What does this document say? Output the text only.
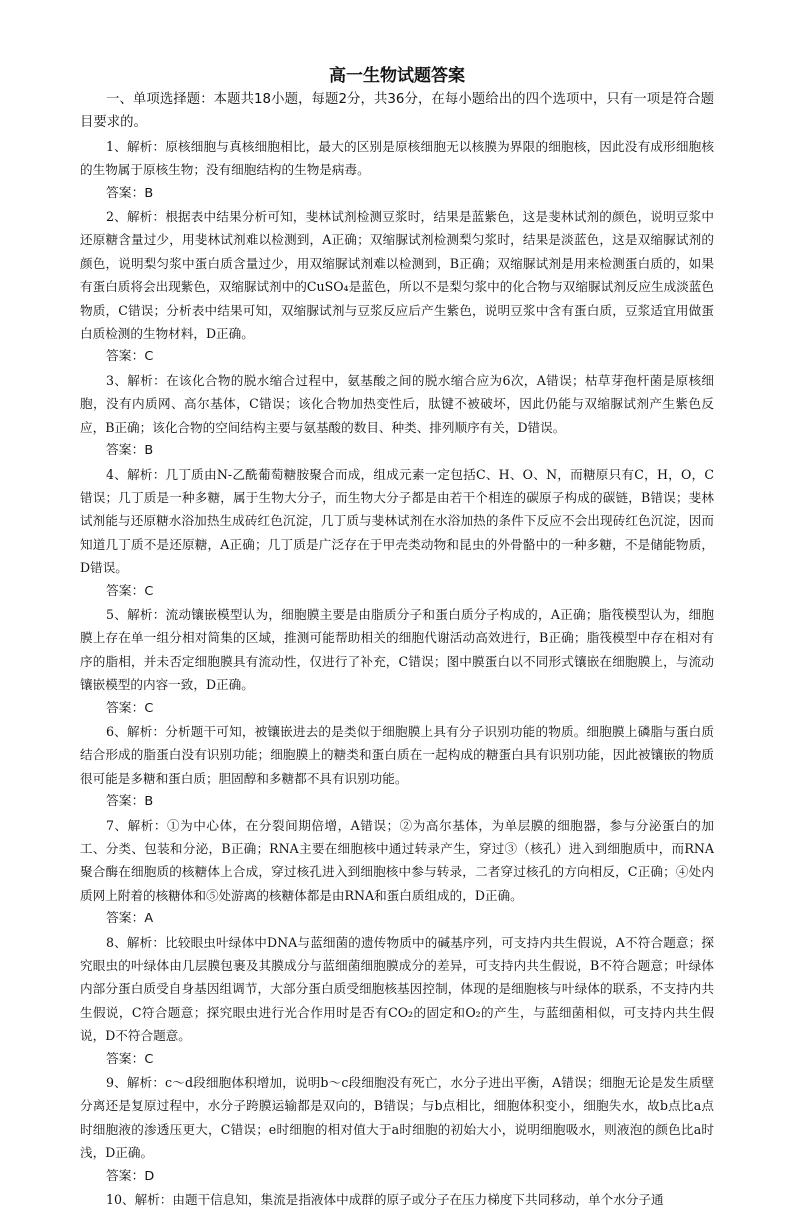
高一生物试题答案

一、单项选择题：本题共18小题，每题2分，共36分，在每小题给出的四个选项中，只有一项是符合题目要求的。

1、解析：原核细胞与真核细胞相比，最大的区别是原核细胞无以核膜为界限的细胞核，因此没有成形细胞核的生物属于原核生物；没有细胞结构的生物是病毒。

答案：B

2、解析：根据表中结果分析可知，斐林试剂检测豆浆时，结果是蓝紫色，这是斐林试剂的颜色，说明豆浆中还原糖含量过少，用斐林试剂难以检测到，A正确；双缩脲试剂检测梨匀浆时，结果是淡蓝色，这是双缩脲试剂的颜色，说明梨匀浆中蛋白质含量过少，用双缩脲试剂难以检测到，B正确；双缩脲试剂是用来检测蛋白质的，如果有蛋白质将会出现紫色，双缩脲试剂中的CuSO₄是蓝色，所以不是梨匀浆中的化合物与双缩脲试剂反应生成淡蓝色物质，C错误；分析表中结果可知，双缩脲试剂与豆浆反应后产生紫色，说明豆浆中含有蛋白质，豆浆适宜用做蛋白质检测的生物材料，D正确。

答案：C

3、解析：在该化合物的脱水缩合过程中，氨基酸之间的脱水缩合应为6次，A错误；枯草芽孢杆菌是原核细胞，没有内质网、高尔基体，C错误；该化合物加热变性后，肽键不被破坏，因此仍能与双缩脲试剂产生紫色反应，B正确；该化合物的空间结构主要与氨基酸的数目、种类、排列顺序有关，D错误。

答案：B

4、解析：几丁质由N-乙酰葡萄糖胺聚合而成，组成元素一定包括C、H、O、N，而糖原只有C，H，O，C错误；几丁质是一种多糖，属于生物大分子，而生物大分子都是由若干个相连的碳原子构成的碳链，B错误；斐林试剂能与还原糖水浴加热生成砖红色沉淀，几丁质与斐林试剂在水浴加热的条件下反应不会出现砖红色沉淀，因而知道几丁质不是还原糖，A正确；几丁质是广泛存在于甲壳类动物和昆虫的外骨骼中的一种多糖，不是储能物质，D错误。

答案：C

5、解析：流动镶嵌模型认为，细胞膜主要是由脂质分子和蛋白质分子构成的，A正确；脂筏模型认为，细胞膜上存在单一组分相对简集的区域，推测可能帮助相关的细胞代谢活动高效进行，B正确；脂筏模型中存在相对有序的脂相，并未否定细胞膜具有流动性，仅进行了补充，C错误；图中膜蛋白以不同形式镶嵌在细胞膜上，与流动镶嵌模型的内容一致，D正确。

答案：C

6、解析：分析题干可知，被镶嵌进去的是类似于细胞膜上具有分子识别功能的物质。细胞膜上磷脂与蛋白质结合形成的脂蛋白没有识别功能；细胞膜上的糖类和蛋白质在一起构成的糖蛋白具有识别功能，因此被镶嵌的物质很可能是多糖和蛋白质；胆固醇和多糖都不具有识别功能。

答案：B

7、解析：①为中心体，在分裂间期倍增，A错误；②为高尔基体，为单层膜的细胞器，参与分泌蛋白的加工、分类、包装和分泌，B正确；RNA主要在细胞核中通过转录产生，穿过③（核孔）进入到细胞质中，而RNA聚合酶在细胞质的核糖体上合成，穿过核孔进入到细胞核中参与转录，二者穿过核孔的方向相反，C正确；④处内质网上附着的核糖体和⑤处游离的核糖体都是由RNA和蛋白质组成的，D正确。

答案：A

8、解析：比较眼虫叶绿体中DNA与蓝细菌的遗传物质中的碱基序列，可支持内共生假说，A不符合题意；探究眼虫的叶绿体由几层膜包裹及其膜成分与蓝细菌细胞膜成分的差异，可支持内共生假说，B不符合题意；叶绿体内部分蛋白质受自身基因组调节，大部分蛋白质受细胞核基因控制，体现的是细胞核与叶绿体的联系，不支持内共生假说，C符合题意；探究眼虫进行光合作用时是否有CO₂的固定和O₂的产生，与蓝细菌相似，可支持内共生假说，D不符合题意。

答案：C

9、解析：c～d段细胞体积增加，说明b～c段细胞没有死亡，水分子进出平衡，A错误；细胞无论是发生质壁分离还是复原过程中，水分子跨膜运输都是双向的，B错误；与b点相比，细胞体积变小，细胞失水，故b点比a点时细胞液的渗透压更大，C错误；e时细胞的相对值大于a时细胞的初始大小，说明细胞吸水，则液泡的颜色比a时浅，D正确。

答案：D

10、解析：由题干信息知，集流是指液体中成群的原子或分子在压力梯度下共同移动，单个水分子通
